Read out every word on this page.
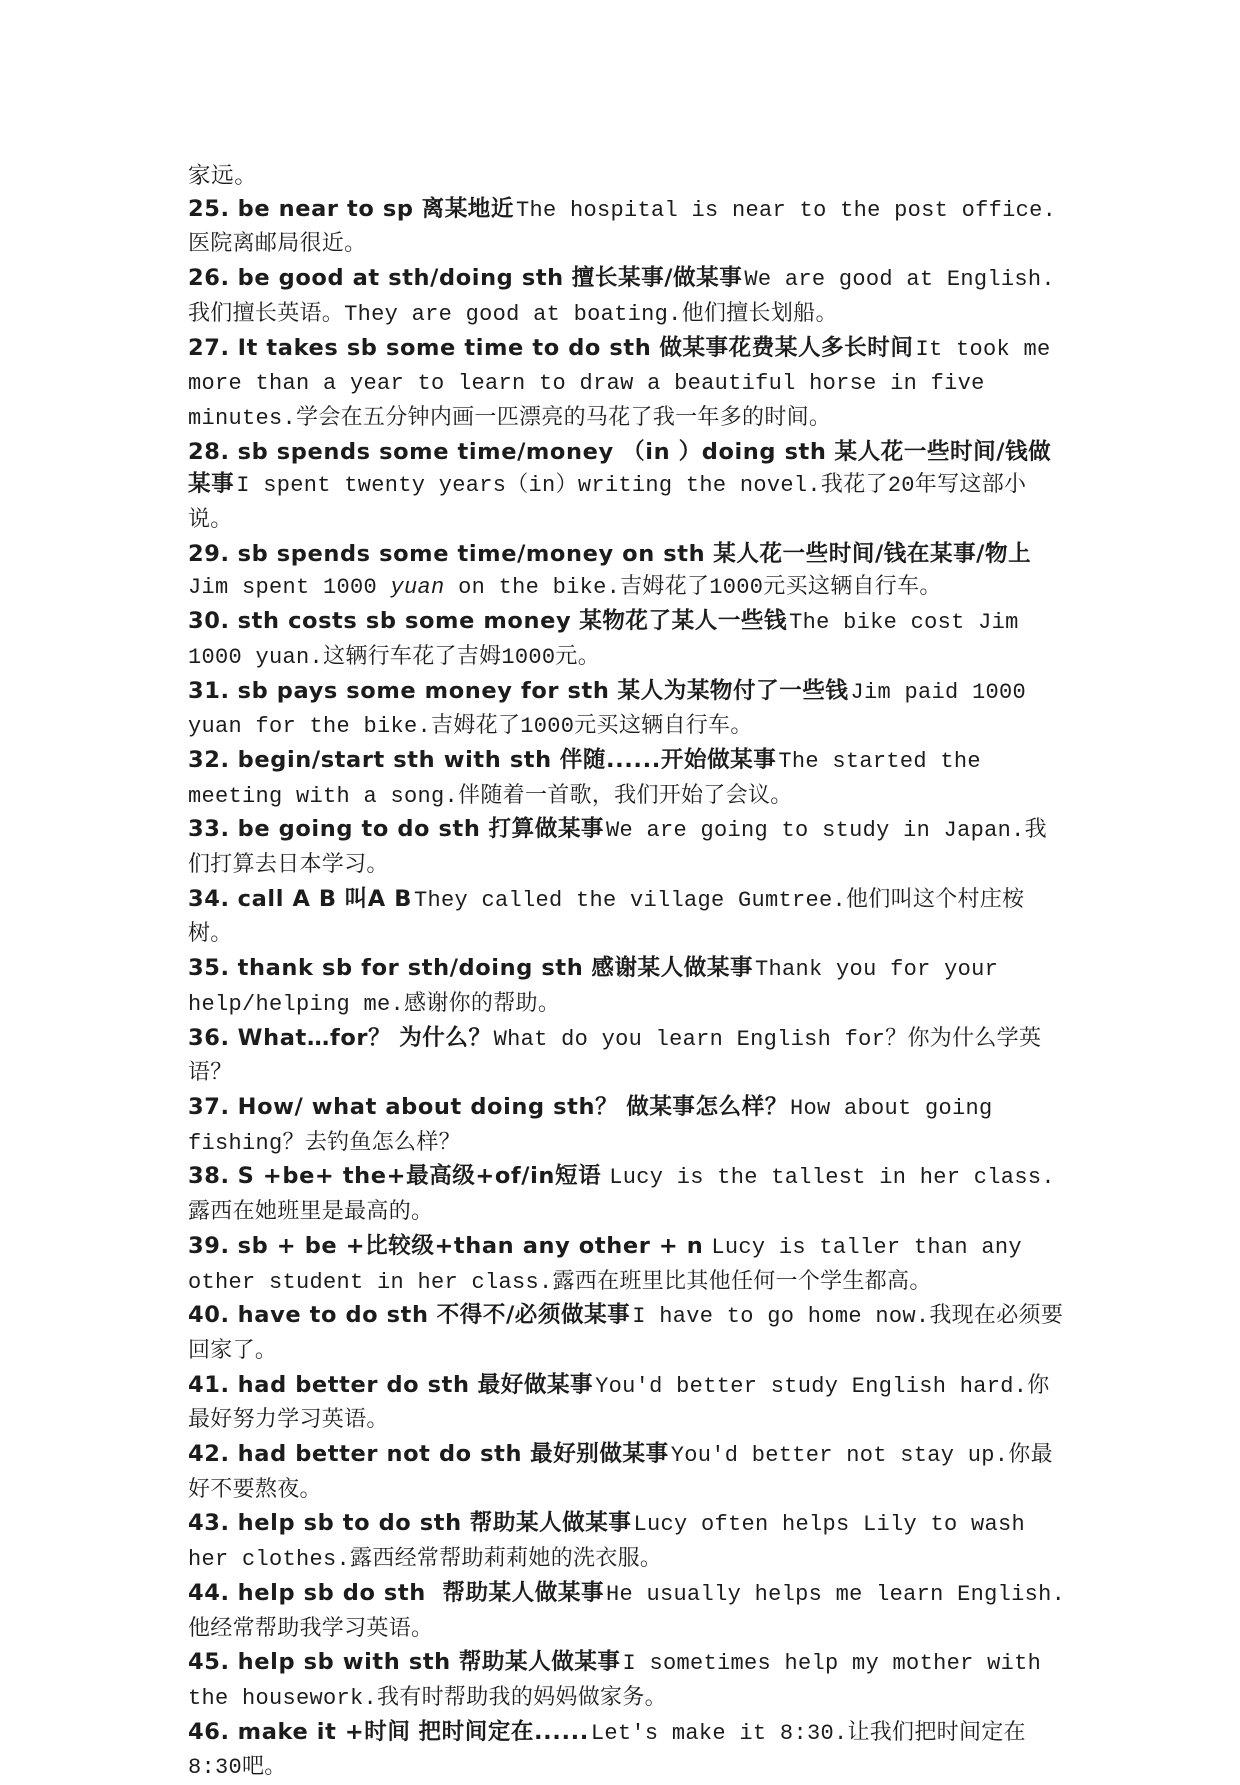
家远。

25. be near to sp 离某地近The hospital is near to the post office.医院离邮局很近。

26. be good at sth/doing sth 擅长某事/做某事We are good at English.我们擅长英语。They are good at boating.他们擅长划船。

27. It takes sb some time to do sth 做某事花费某人多长时间It took me more than a year to learn to draw a beautiful horse in five minutes.学会在五分钟内画一匹漂亮的马花了我一年多的时间。

28. sb spends some time/money （in ）doing sth 某人花一些时间/钱做某事I spent twenty years（in）writing the novel.我花了20年写这部小说。

29. sb spends some time/money on sth 某人花一些时间/钱在某事/物上Jim spent 1000 yuan on the bike.吉姆花了1000元买这辆自行车。

30. sth costs sb some money 某物花了某人一些钱The bike cost Jim 1000 yuan.这辆行车花了吉姆1000元。

31. sb pays some money for sth 某人为某物付了一些钱Jim paid 1000 yuan for the bike.吉姆花了1000元买这辆自行车。

32. begin/start sth with sth 伴随......开始做某事The started the meeting with a song.伴随着一首歌，我们开始了会议。

33. be going to do sth 打算做某事We are going to study in Japan.我们打算去日本学习。

34. call A B 叫A BThey called the village Gumtree.他们叫这个村庄桉树。

35. thank sb for sth/doing sth 感谢某人做某事Thank you for your help/helping me.感谢你的帮助。

36. What…for？ 为什么？What do you learn English for？你为什么学英语？

37. How/ what about doing sth？ 做某事怎么样？How about going fishing？去钓鱼怎么样？

38. S +be+ the+最高级+of/in短语 Lucy is the tallest in her class.露西在她班里是最高的。

39. sb + be +比较级+than any other + n Lucy is taller than any other student in her class.露西在班里比其他任何一个学生都高。

40. have to do sth 不得不/必须做某事I have to go home now.我现在必须要回家了。

41. had better do sth 最好做某事You'd better study English hard.你最好努力学习英语。

42. had better not do sth 最好别做某事You'd better not stay up.你最好不要熬夜。

43. help sb to do sth 帮助某人做某事Lucy often helps Lily to wash her clothes.露西经常帮助莉莉她的洗衣服。

44. help sb do sth 帮助某人做某事He usually helps me learn English.他经常帮助我学习英语。

45. help sb with sth 帮助某人做某事I sometimes help my mother with the housework.我有时帮助我的妈妈做家务。

46. make it +时间 把时间定在......Let's make it 8:30.让我们把时间定在8:30吧。
